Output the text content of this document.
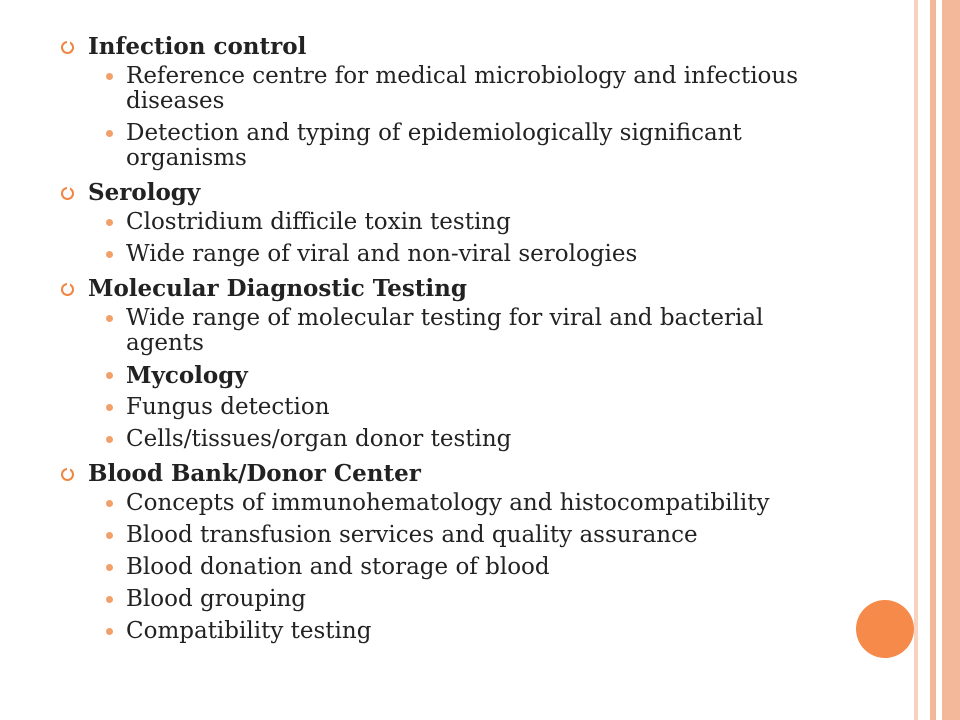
Infection control
Reference centre for medical microbiology and infectious diseases
Detection and typing of epidemiologically significant organisms
Serology
Clostridium difficile toxin testing
Wide range of viral and non-viral serologies
Molecular Diagnostic Testing
Wide range of molecular testing for viral and bacterial agents
Mycology
Fungus detection
Cells/tissues/organ donor testing
Blood Bank/Donor Center
Concepts of immunohematology and histocompatibility
Blood transfusion services and quality assurance
Blood donation and storage of blood
Blood grouping
Compatibility testing
